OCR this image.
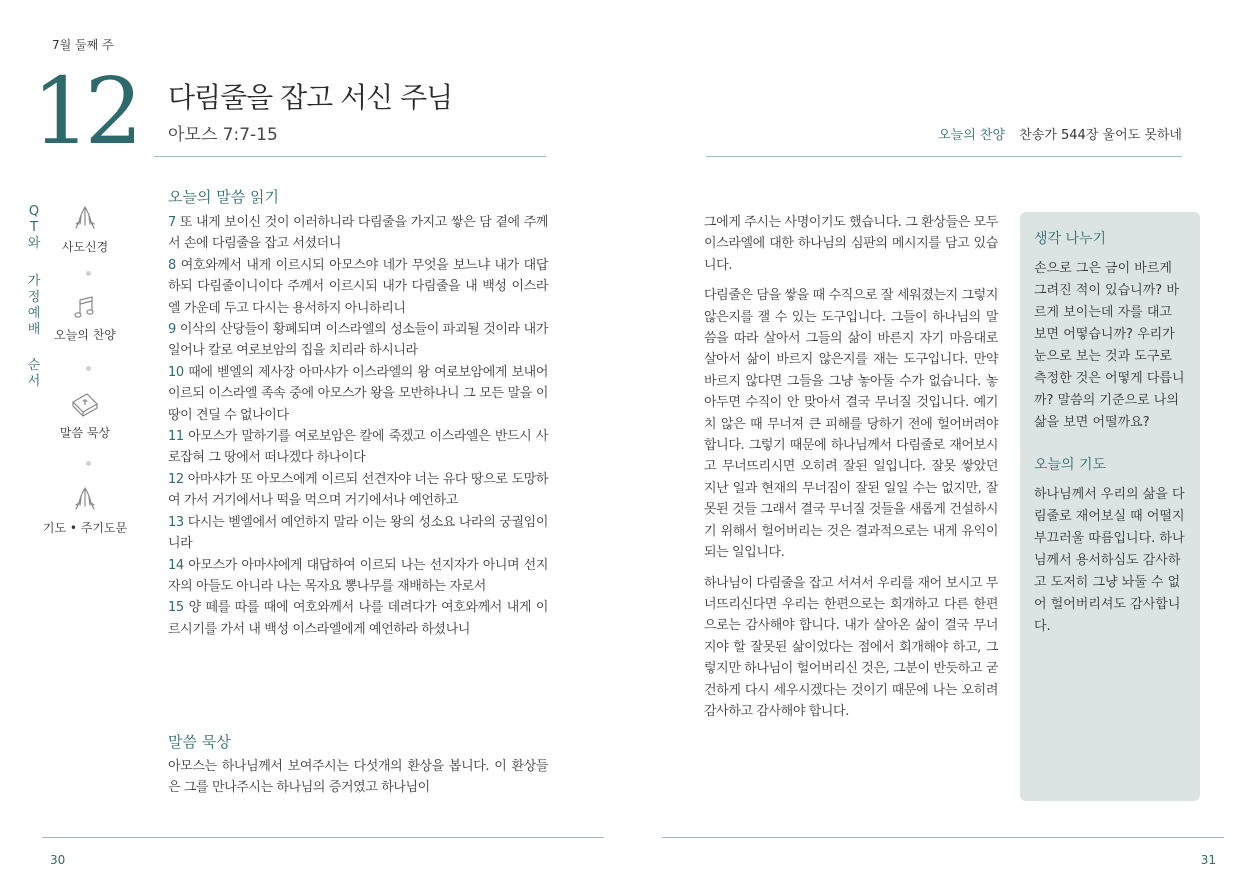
7월 둘째 주
12 다림줄을 잡고 서신 주님
아모스 7:7-15	오늘의 찬양 찬송가 544장 울어도 못하네
Q
T
와
가
정
예
배
순
서
사도신경
오늘의 찬양
말씀 묵상
기도 • 주기도문
오늘의 말씀 읽기

7 또 내게 보이신 것이 이러하니라 다림줄을 가지고 쌓은 담 곁에 주께서 손에 다림줄을 잡고 서셨더니

8 여호와께서 내게 이르시되 아모스야 네가 무엇을 보느냐 내가 대답하되 다림줄이니이다 주께서 이르시되 내가 다림줄을 내 백성 이스라엘 가운데 두고 다시는 용서하지 아니하리니

9 이삭의 산당들이 황폐되며 이스라엘의 성소들이 파괴될 것이라 내가 일어나 칼로 여로보암의 집을 치리라 하시니라

10 때에 벧엘의 제사장 아마샤가 이스라엘의 왕 여로보암에게 보내어 이르되 이스라엘 족속 중에 아모스가 왕을 모반하나니 그 모든 말을 이 땅이 견딜 수 없나이다

11 아모스가 말하기를 여로보암은 칼에 죽겠고 이스라엘은 반드시 사로잡혀 그 땅에서 떠나겠다 하나이다

12 아마샤가 또 아모스에게 이르되 선견자야 너는 유다 땅으로 도망하여 가서 거기에서나 떡을 먹으며 거기에서나 예언하고

13 다시는 벧엘에서 예언하지 말라 이는 왕의 성소요 나라의 궁궐임이니라

14 아모스가 아마샤에게 대답하여 이르되 나는 선지자가 아니며 선지자의 아들도 아니라 나는 목자요 뽕나무를 재배하는 자로서

15 양 떼를 따를 때에 여호와께서 나를 데려다가 여호와께서 내게 이르시기를 가서 내 백성 이스라엘에게 예언하라 하셨나니

말씀 묵상
아모스는 하나님께서 보여주시는 다섯개의 환상을 봅니다. 이 환상들은 그를 만나주시는 하나님의 증거였고 하나님이

그에게 주시는 사명이기도 했습니다. 그 환상들은 모두 이스라엘에 대한 하나님의 심판의 메시지를 담고 있습니다.

다림줄은 담을 쌓을 때 수직으로 잘 세워졌는지 그렇지 않은지를 잴 수 있는 도구입니다. 그들이 하나님의 말씀을 따라 살아서 그들의 삶이 바른지 자기 마음대로 살아서 삶이 바르지 않은지를 재는 도구입니다. 만약 바르지 않다면 그들을 그냥 놓아둘 수가 없습니다. 놓아두면 수직이 안 맞아서 결국 무너질 것입니다. 예기치 않은 때 무너져 큰 피해를 당하기 전에 헐어버려야 합니다. 그렇기 때문에 하나님께서 다림줄로 재어보시고 무너뜨리시면 오히려 잘된 일입니다. 잘못 쌓았던 지난 일과 현재의 무너짐이 잘된 일일 수는 없지만, 잘못된 것들 그래서 결국 무너질 것들을 새롭게 건설하시기 위해서 헐어버리는 것은 결과적으로는 내게 유익이 되는 일입니다.

하나님이 다림줄을 잡고 서셔서 우리를 재어 보시고 무너뜨리신다면 우리는 한편으로는 회개하고 다른 한편으로는 감사해야 합니다. 내가 살아온 삶이 결국 무너지야 할 잘못된 삶이었다는 점에서 회개해야 하고, 그렇지만 하나님이 헐어버리신 것은, 그분이 반듯하고 굳건하게 다시 세우시겠다는 것이기 때문에 나는 오히려 감사하고 감사해야 합니다.

생각 나누기

손으로 그은 금이 바르게 그려진 적이 있습니까? 바르게 보이는데 자를 대고 보면 어떻습니까? 우리가 눈으로 보는 것과 도구로 측정한 것은 어떻게 다릅니까? 말씀의 기준으로 나의 삶을 보면 어떨까요?

오늘의 기도

하나님께서 우리의 삶을 다림줄로 재어보실 때 어떨지 부끄러울 따름입니다. 하나님께서 용서하심도 감사하고 도저히 그냥 놔둘 수 없어 헐어버리셔도 감사합니다.

30	31
